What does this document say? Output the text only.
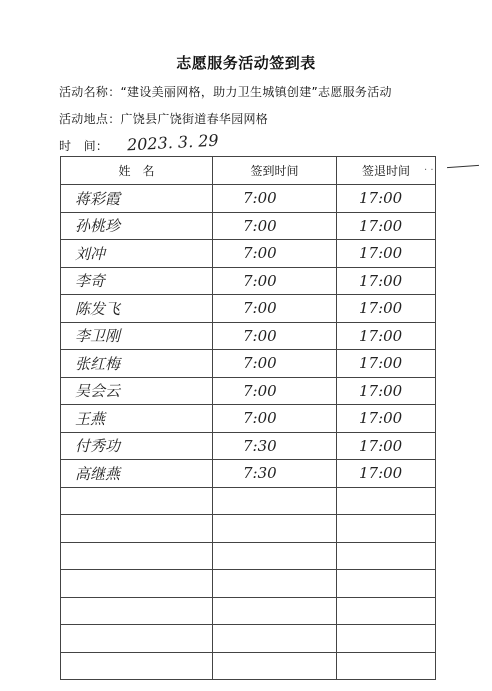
志愿服务活动签到表
活动名称：“建设美丽网格，助力卫生城镇创建”志愿服务活动
活动地点：广饶县广饶街道春华园网格
时　间： 2023. 3. 29
· ·
姓　名	签到时间	签退时间
蒋彩霞	7:00	17:00
孙桃珍	7:00	17:00
刘冲	7:00	17:00
李奇	7:00	17:00
陈发飞	7:00	17:00
李卫刚	7:00	17:00
张红梅	7:00	17:00
吴会云	7:00	17:00
王燕	7:00	17:00
付秀功	7:30	17:00
高继燕	7:30	17:00
